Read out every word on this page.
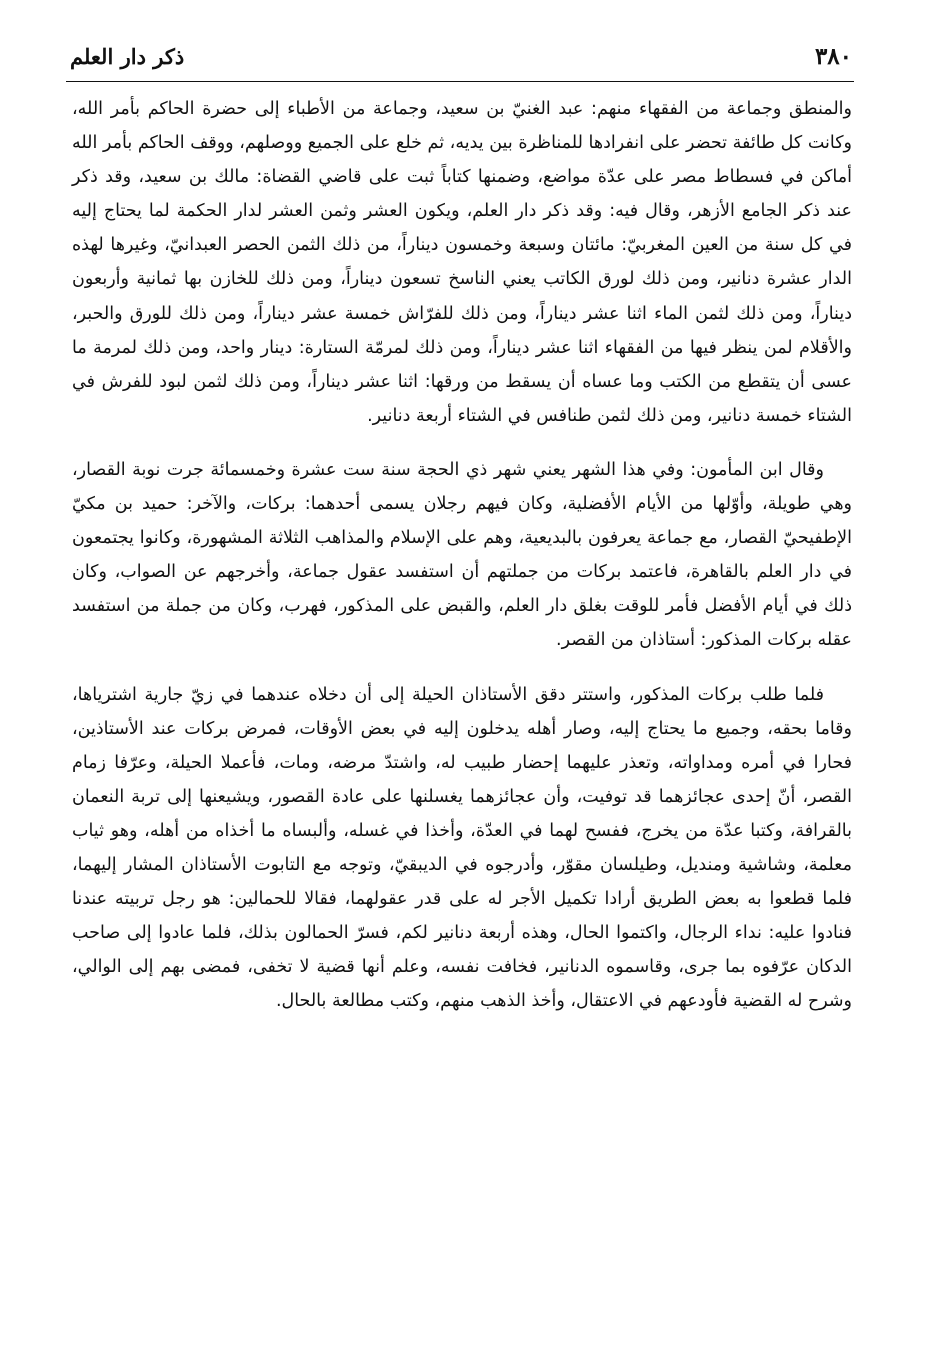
٣٨٠
ذكر دار العلم

والمنطق وجماعة من الفقهاء منهم: عبد الغنيّ بن سعيد، وجماعة من الأطباء إلى حضرة الحاكم بأمر الله، وكانت كل طائفة تحضر على انفرادها للمناظرة بين يديه، ثم خلع على الجميع ووصلهم، ووقف الحاكم بأمر الله أماكن في فسطاط مصر على عدّة مواضع، وضمنها كتاباً ثبت على قاضي القضاة: مالك بن سعيد، وقد ذكر عند ذكر الجامع الأزهر، وقال فيه: وقد ذكر دار العلم، ويكون العشر وثمن العشر لدار الحكمة لما يحتاج إليه في كل سنة من العين المغربيّ: مائتان وسبعة وخمسون ديناراً، من ذلك الثمن الحصر العبدانيّ، وغيرها لهذه الدار عشرة دنانير، ومن ذلك لورق الكاتب يعني الناسخ تسعون ديناراً، ومن ذلك للخازن بها ثمانية وأربعون ديناراً، ومن ذلك لثمن الماء اثنا عشر ديناراً، ومن ذلك للفرّاش خمسة عشر ديناراً، ومن ذلك للورق والحبر، والأقلام لمن ينظر فيها من الفقهاء اثنا عشر ديناراً، ومن ذلك لمرمّة الستارة: دينار واحد، ومن ذلك لمرمة ما عسى أن يتقطع من الكتب وما عساه أن يسقط من ورقها: اثنا عشر ديناراً، ومن ذلك لثمن لبود للفرش في الشتاء خمسة دنانير، ومن ذلك لثمن طنافس في الشتاء أربعة دنانير.

وقال ابن المأمون: وفي هذا الشهر يعني شهر ذي الحجة سنة ست عشرة وخمسمائة جرت نوبة القصار، وهي طويلة، وأوّلها من الأيام الأفضلية، وكان فيهم رجلان يسمى أحدهما: بركات، والآخر: حميد بن مكيّ الإطفيحيّ القصار، مع جماعة يعرفون بالبديعية، وهم على الإسلام والمذاهب الثلاثة المشهورة، وكانوا يجتمعون في دار العلم بالقاهرة، فاعتمد بركات من جملتهم أن استفسد عقول جماعة، وأخرجهم عن الصواب، وكان ذلك في أيام الأفضل فأمر للوقت بغلق دار العلم، والقبض على المذكور، فهرب، وكان من جملة من استفسد عقله بركات المذكور: أستاذان من القصر.

فلما طلب بركات المذكور، واستتر دقق الأستاذان الحيلة إلى أن دخلاه عندهما في زيّ جارية اشترياها، وقاما بحقه، وجميع ما يحتاج إليه، وصار أهله يدخلون إليه في بعض الأوقات، فمرض بركات عند الأستاذين، فحارا في أمره ومداواته، وتعذر عليهما إحضار طبيب له، واشتدّ مرضه، ومات، فأعملا الحيلة، وعرّفا زمام القصر، أنّ إحدى عجائزهما قد توفيت، وأن عجائزهما يغسلنها على عادة القصور، ويشيعنها إلى تربة النعمان بالقرافة، وكتبا عدّة من يخرج، ففسح لهما في العدّة، وأخذا في غسله، وألبساه ما أخذاه من أهله، وهو ثياب معلمة، وشاشية ومنديل، وطيلسان مقوّر، وأدرجوه في الديبقيّ، وتوجه مع التابوت الأستاذان المشار إليهما، فلما قطعوا به بعض الطريق أرادا تكميل الأجر له على قدر عقولهما، فقالا للحمالين: هو رجل تربيته عندنا فنادوا عليه: نداء الرجال، واكتموا الحال، وهذه أربعة دنانير لكم، فسرّ الحمالون بذلك، فلما عادوا إلى صاحب الدكان عرّفوه بما جرى، وقاسموه الدنانير، فخافت نفسه، وعلم أنها قضية لا تخفى، فمضى بهم إلى الوالي، وشرح له القضية فأودعهم في الاعتقال، وأخذ الذهب منهم، وكتب مطالعة بالحال.
